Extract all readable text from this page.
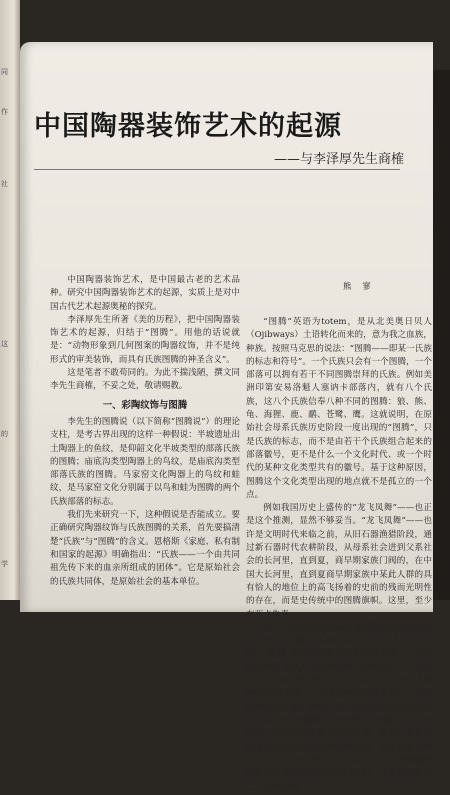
同
作
社
这
的
学
中国陶器装饰艺术的起源
——与李泽厚先生商榷
熊 寥

中国陶器装饰艺术，是中国最古老的艺术品种。研究中国陶器装饰艺术的起源，实质上是对中国古代艺术起源奥秘的探究。

李泽厚先生所著《美的历程》，把中国陶器装饰艺术的起源，归结于“图腾”。用他的话说就是：“动物形象到几何图案的陶器纹饰，并不是纯形式的审美装饰，而具有氏族图腾的神圣含义”。

这是笔者不敢苟同的。为此不揣浅陋，撰文同李先生商榷，不妥之处，敬请赐教。

一、彩陶纹饰与图腾

李先生的图腾说（以下简称“图腾说”）的理论支柱，是考古界出现的这样一种假说：半坡遗址出土陶器上的鱼纹，是仰韶文化半坡类型的部落氏族的图腾；庙底沟类型陶器上的鸟纹，是庙底沟类型部落氏族的图腾。马家窑文化陶器上的鸟纹和蛙纹，是马家窑文化分别属于以鸟和蛙为图腾的两个氏族部落的标志。

我们先来研究一下，这种假说是否能成立。要正确研究陶器纹饰与氏族图腾的关系，首先要搞清楚“氏族”与“图腾”的含义。恩格斯《家庭、私有制和国家的起源》明确指出：“氏族——一个由共同祖先传下来的血亲所组成的团体”。它是原始社会的氏族共同体，是原始社会的基本单位。

“图腾”英语为totem，是从北美奥日贝人（Ojibways）土语转化而来的，意为我之血族，种族。按照马克思的说法：“图腾——即某一氏族的标志和符号”。一个氏族只会有一个图腾，一个部落可以拥有若干不同图腾崇拜的氏族。例如美洲印第安易洛魁人塞讷卡部落内，就有八个氏族，这八个氏族信奉八种不同的图腾：狼、熊、龟、海狸、鹿、鹬、苍鹭、鹰。这就说明，在原始社会母系氏族历史阶段一度出现的“图腾”，只是氏族的标志，而不是由若干个氏族组合起来的部落徽号，更不是什么一个文化时代、或一个时代的某种文化类型共有的徽号。基于这种原因，图腾这个文化类型出现的地点就不是孤立的一个点。

例如我国历史上盛传的“龙飞凤舞”——也正是这个推测，显然不够妥当。“龙飞凤舞”——也许是文明时代来临之前，从旧石器渔猎阶段，通过新石器时代农耕阶段，从母系社会进到父系社会的长河里，直到夏，商早期家族门阀的，在中国大长河里，直到夏商早期家族中某此人群的具有恰人的地位上的高飞扬着的史前的残而光明性的存在，而是史传统中的图腾旗帜。这里，至少有两点失真。

有一个图腾乃是原始社会母系氏族历史阶段的产物，随着母权制的消失，和父权制的兴起，“图腾”这个族群的原始的古代名称——或许是动物或许是无生物的名称，到而有另一个使之作为何种的意义形态可能，多与此同时，“图腾”也就随着消亡。既然图腾是原始社会中一个具体的分形社会组织的产物，那末把它说成是原始社会各种氏族图腾的共同内容，也就缺乏了历史根据。从中国和世界的历史来看，原始社会的图腾大都是伴随氏族社会而存在的，且在其它形态之中并无这种东西的存在。从此看来，把陶器的装饰纹样说成是整个氏族的图腾，这种推论是缺乏史实依据的。
